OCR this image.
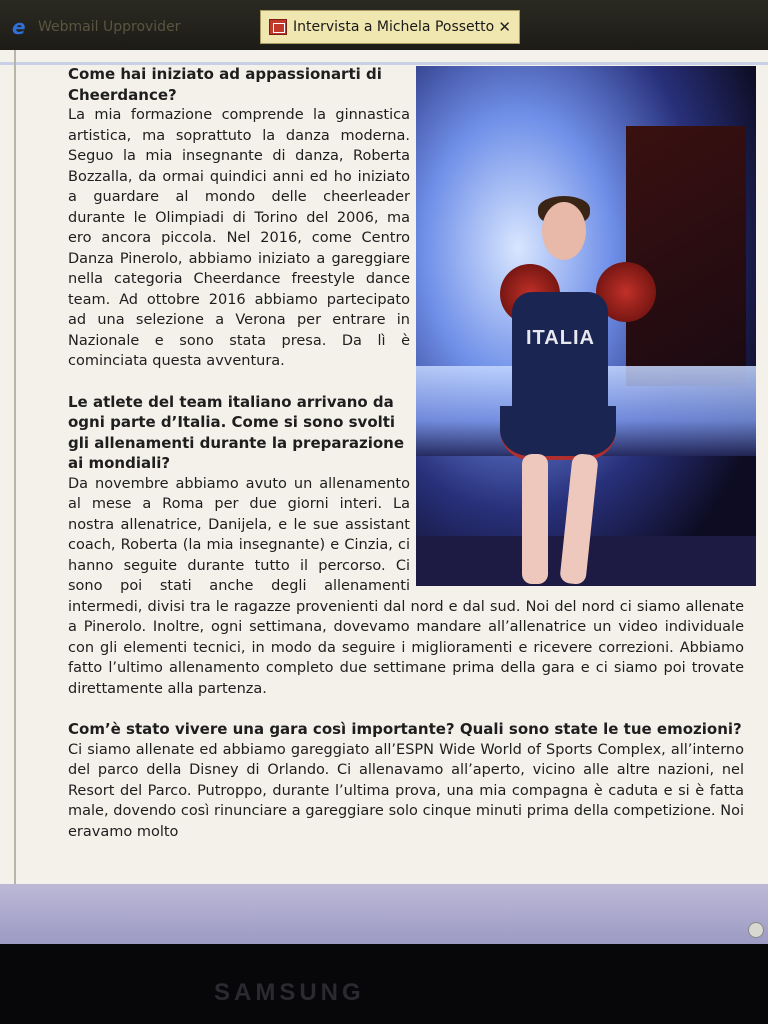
e Webmail Upprovider	Intervista a Michela Possetto ✕
ITALIA

Come hai iniziato ad appassionarti di Cheerdance?

La mia formazione comprende la ginnastica artistica, ma soprattuto la danza moderna. Seguo la mia insegnante di danza, Roberta Bozzalla, da ormai quindici anni ed ho iniziato a guardare al mondo delle cheerleader durante le Olimpiadi di Torino del 2006, ma ero ancora piccola. Nel 2016, come Centro Danza Pinerolo, abbiamo iniziato a gareggiare nella categoria Cheerdance freestyle dance team. Ad ottobre 2016 abbiamo partecipato ad una selezione a Verona per entrare in Nazionale e sono stata presa. Da lì è cominciata questa avventura.

Le atlete del team italiano arrivano da ogni parte d’Italia. Come si sono svolti gli allenamenti durante la preparazione ai mondiali?

Da novembre abbiamo avuto un allenamento al mese a Roma per due giorni interi. La nostra allenatrice, Danijela, e le sue assistant coach, Roberta (la mia insegnante) e Cinzia, ci hanno seguite durante tutto il percorso. Ci sono poi stati anche degli allenamenti intermedi, divisi tra le ragazze provenienti dal nord e dal sud. Noi del nord ci siamo allenate a Pinerolo. Inoltre, ogni settimana, dovevamo mandare all’allenatrice un video individuale con gli elementi tecnici, in modo da seguire i miglioramenti e ricevere correzioni. Abbiamo fatto l’ultimo allenamento completo due settimane prima della gara e ci siamo poi trovate direttamente alla partenza.

Com’è stato vivere una gara così importante? Quali sono state le tue emozioni?

Ci siamo allenate ed abbiamo gareggiato all’ESPN Wide World of Sports Complex, all’interno del parco della Disney di Orlando. Ci allenavamo all’aperto, vicino alle altre nazioni, nel Resort del Parco. Putroppo, durante l’ultima prova, una mia compagna è caduta e si è fatta male, dovendo così rinunciare a gareggiare solo cinque minuti prima della competizione. Noi eravamo molto

SAMSUNG
